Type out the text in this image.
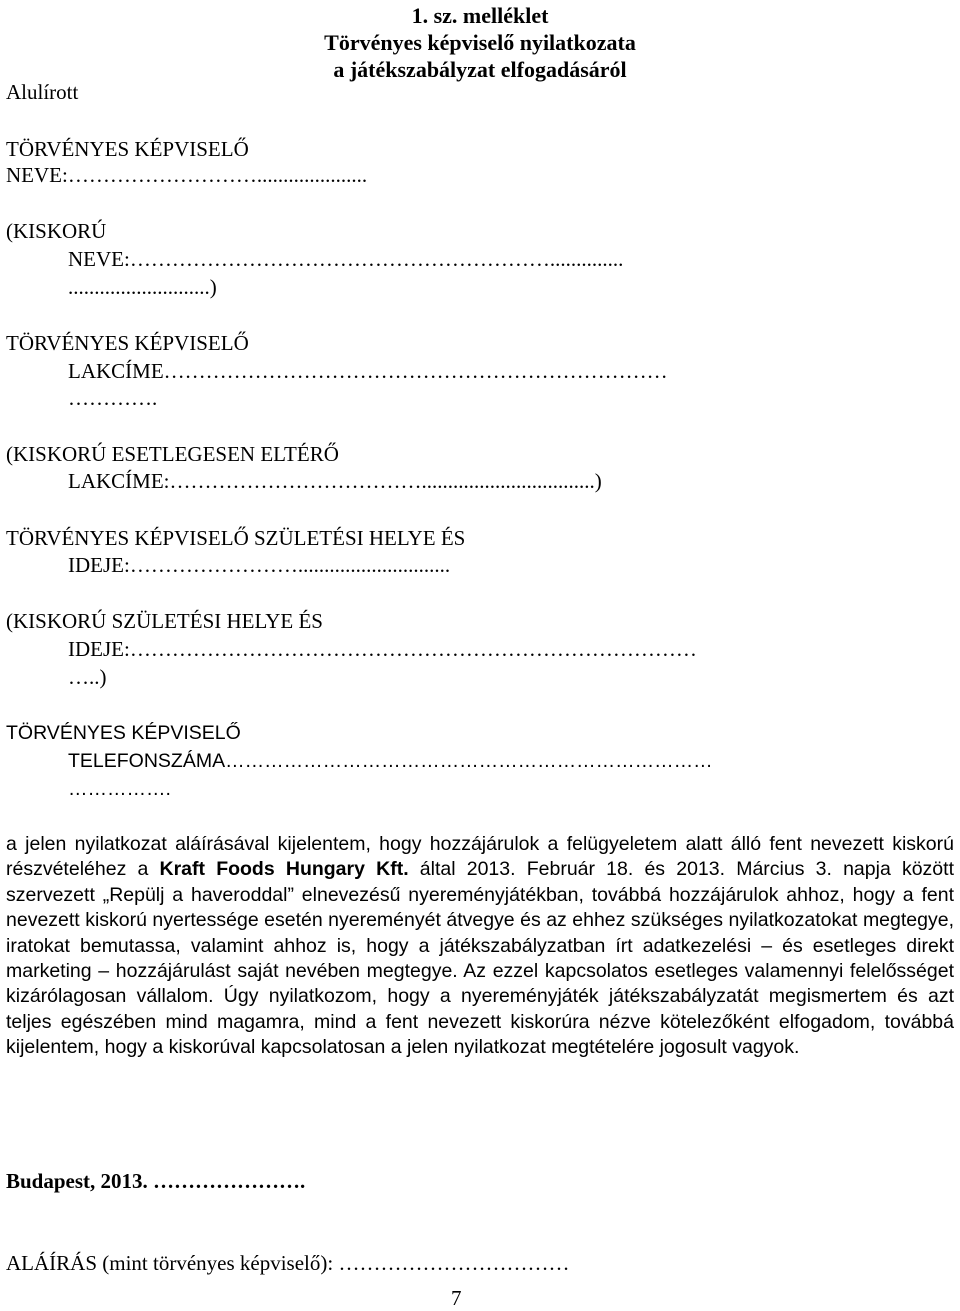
1. sz. melléklet
Törvényes képviselő nyilatkozata
a játékszabályzat elfogadásáról
Alulírott
TÖRVÉNYES KÉPVISELŐ
NEVE:……………………….....................
(KISKORÚ
NEVE:……………………………………………………..............
...........................)
TÖRVÉNYES KÉPVISELŐ
LAKCÍME………………………………………………………………
………….
(KISKORÚ ESETLEGESEN ELTÉRŐ
LAKCÍME:……………………………….................................)
TÖRVÉNYES KÉPVISELŐ SZÜLETÉSI HELYE ÉS
IDEJE:…………………….............................
(KISKORÚ SZÜLETÉSI HELYE ÉS
IDEJE:………………………………………………………………………
…..)
TÖRVÉNYES KÉPVISELŐ
TELEFONSZÁMA…………………………………………………………………
…………….
a jelen nyilatkozat aláírásával kijelentem, hogy hozzájárulok a felügyeletem alatt álló fent nevezett kiskorú részvételéhez a Kraft Foods Hungary Kft. által 2013. Február 18. és 2013. Március 3. napja között szervezett „Repülj a haveroddal” elnevezésű nyereményjátékban, továbbá hozzájárulok ahhoz, hogy a fent nevezett kiskorú nyertessége esetén nyereményét átvegye és az ehhez szükséges nyilatkozatokat megtegye, iratokat bemutassa, valamint ahhoz is, hogy a játékszabályzatban írt adatkezelési – és esetleges direkt marketing – hozzájárulást saját nevében megtegye. Az ezzel kapcsolatos esetleges valamennyi felelősséget kizárólagosan vállalom. Úgy nyilatkozom, hogy a nyereményjáték játékszabályzatát megismertem és azt teljes egészében mind magamra, mind a fent nevezett kiskorúra nézve kötelezőként elfogadom, továbbá kijelentem, hogy a kiskorúval kapcsolatosan a jelen nyilatkozat megtételére jogosult vagyok.
Budapest, 2013. ………………….
ALÁÍRÁS (mint törvényes képviselő): ……………………………
7
